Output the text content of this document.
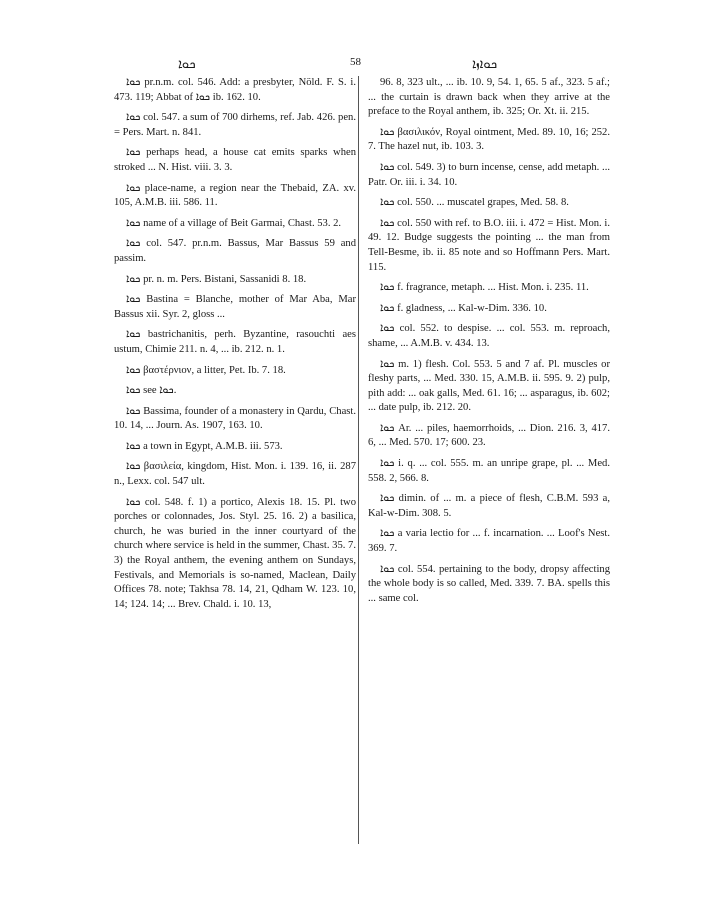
ܟܘܐ	58	ܟܘܐܙܐ

ܟܘܐ pr.n.m. col. 546. Add: a presbyter, Nöld. F. S. i. 473. 119; Abbat of ܟܘܐ ib. 162. 10.

ܟܘܐ col. 547. a sum of 700 dirhems, ref. Jab. 426. pen. = Pers. Mart. n. 841.

ܟܘܐ perhaps head, a house cat emits sparks when stroked ... N. Hist. viii. 3. 3.

ܟܘܐ place-name, a region near the Thebaid, ZA. xv. 105, A.M.B. iii. 586. 11.

ܟܘܐ name of a village of Beit Garmai, Chast. 53. 2.

ܟܘܐ col. 547. pr.n.m. Bassus, Mar Bassus 59 and passim.

ܟܘܐ pr. n. m. Pers. Bistani, Sassanidi 8. 18.

ܟܘܐ Bastina = Blanche, mother of Mar Aba, Mar Bassus xii. Syr. 2, gloss ...

ܟܘܐ bastrichanitis, perh. Byzantine, rasouchti aes ustum, Chimie 211. n. 4, ... ib. 212. n. 1.

ܟܘܐ βαστέρνιον, a litter, Pet. Ib. 7. 18.

ܟܘܐ see ܟܘܐ.

ܟܘܐ Bassima, founder of a monastery in Qardu, Chast. 10. 14, ... Journ. As. 1907, 163. 10.

ܟܘܐ a town in Egypt, A.M.B. iii. 573.

ܟܘܐ βασιλεία, kingdom, Hist. Mon. i. 139. 16, ii. 287 n., Lexx. col. 547 ult.

ܟܘܐ col. 548. f. 1) a portico, Alexis 18. 15. Pl. two porches or colonnades, Jos. Styl. 25. 16. 2) a basilica, church, he was buried in the inner courtyard of the church where service is held in the summer, Chast. 35. 7. 3) the Royal anthem, the evening anthem on Sundays, Festivals, and Memorials is so-named, Maclean, Daily Offices 78. note; Takhsa 78. 14, 21, Qdham W. 123. 10, 14; 124. 14; ... Brev. Chald. i. 10. 13,

96. 8, 323 ult., ... ib. 10. 9, 54. 1, 65. 5 af., 323. 5 af.; ... the curtain is drawn back when they arrive at the preface to the Royal anthem, ib. 325; Or. Xt. ii. 215.

ܟܘܐ βασιλικόν, Royal ointment, Med. 89. 10, 16; 252. 7. The hazel nut, ib. 103. 3.

ܟܘܐ col. 549. 3) to burn incense, cense, add metaph. ... Patr. Or. iii. i. 34. 10.

ܟܘܐ col. 550. ... muscatel grapes, Med. 58. 8.

ܟܘܐ col. 550 with ref. to B.O. iii. i. 472 = Hist. Mon. i. 49. 12. Budge suggests the pointing ... the man from Tell-Besme, ib. ii. 85 note and so Hoffmann Pers. Mart. 115.

ܟܘܐ f. fragrance, metaph. ... Hist. Mon. i. 235. 11.

ܟܘܐ f. gladness, ... Kal-w-Dim. 336. 10.

ܟܘܐ col. 552. to despise. ... col. 553. m. reproach, shame, ... A.M.B. v. 434. 13.

ܟܘܐ m. 1) flesh. Col. 553. 5 and 7 af. Pl. muscles or fleshy parts, ... Med. 330. 15, A.M.B. ii. 595. 9. 2) pulp, pith add: ... oak galls, Med. 61. 16; ... asparagus, ib. 602; ... date pulp, ib. 212. 20.

ܟܘܐ Ar. ... piles, haemorrhoids, ... Dion. 216. 3, 417. 6, ... Med. 570. 17; 600. 23.

ܟܘܐ i. q. ... col. 555. m. an unripe grape, pl. ... Med. 558. 2, 566. 8.

ܟܘܐ dimin. of ... m. a piece of flesh, C.B.M. 593 a, Kal-w-Dim. 308. 5.

ܟܘܐ a varia lectio for ... f. incarnation. ... Loof's Nest. 369. 7.

ܟܘܐ col. 554. pertaining to the body, dropsy affecting the whole body is so called, Med. 339. 7. BA. spells this ... same col.
